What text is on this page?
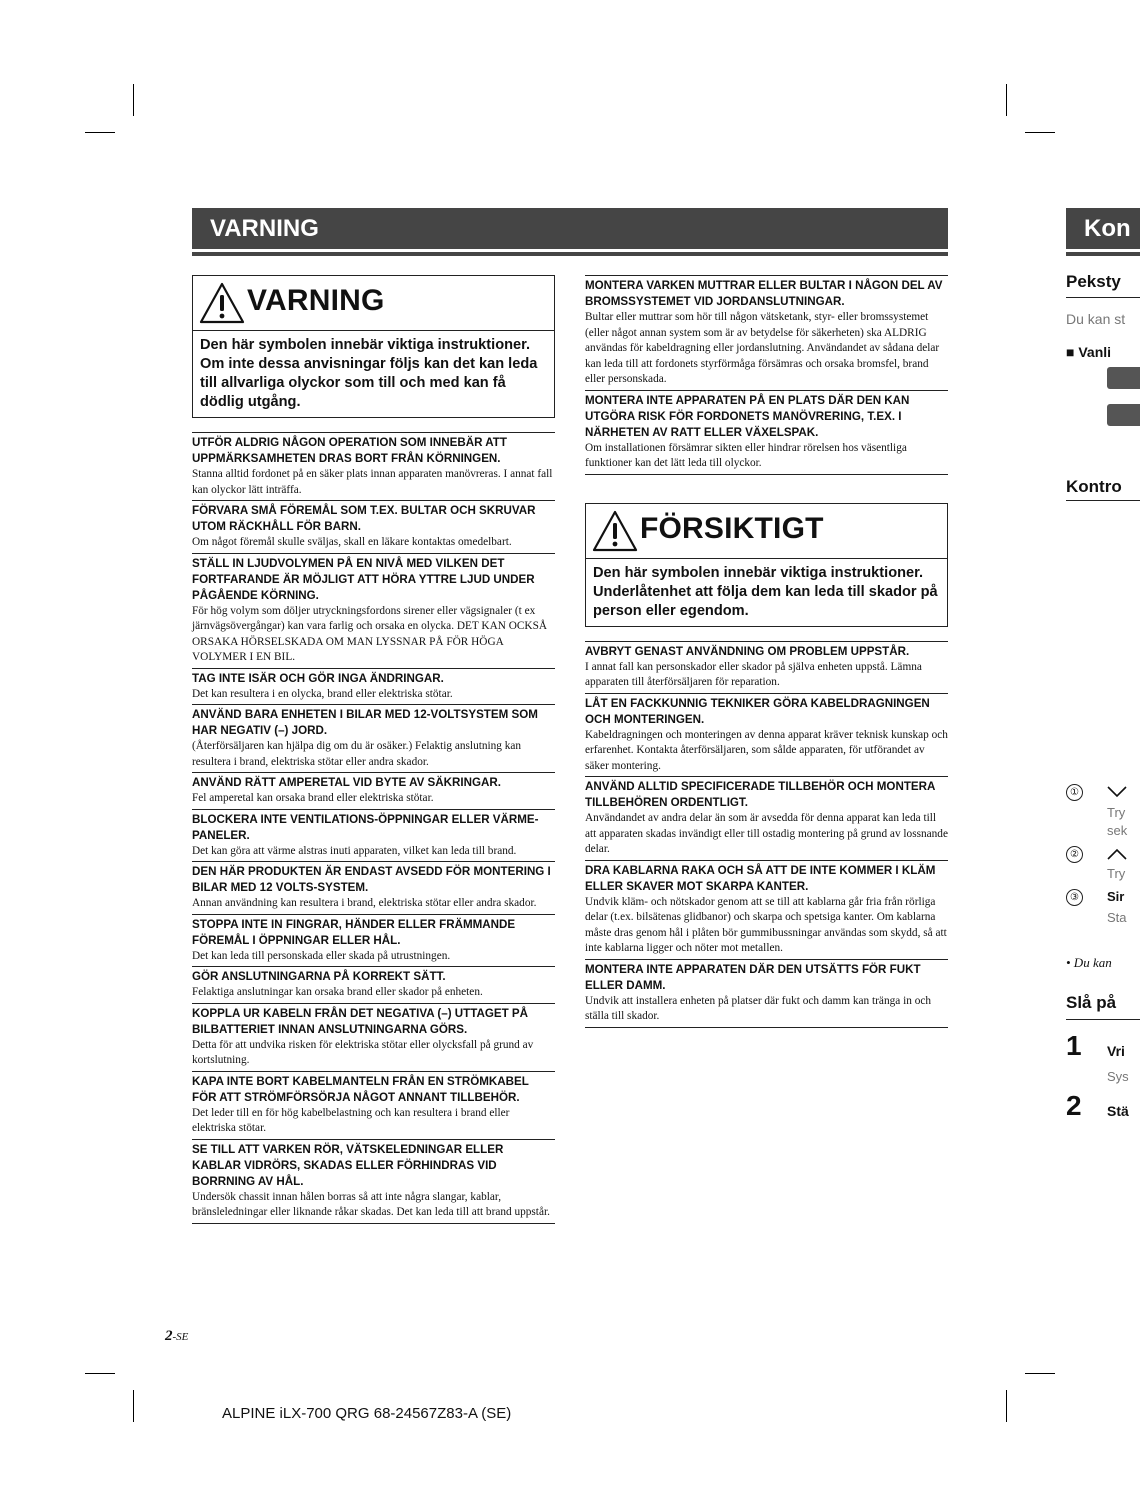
VARNING
VARNING
Den här symbolen innebär viktiga instruktioner. Om inte dessa anvisningar följs kan det kan leda till allvarliga olyckor som till och med kan få dödlig utgång.
UTFÖR ALDRIG NÅGON OPERATION SOM INNEBÄR ATT UPPMÄRKSAMHETEN DRAS BORT FRÅN KÖRNINGEN.
Stanna alltid fordonet på en säker plats innan apparaten manövreras. I annat fall kan olyckor lätt inträffa.
FÖRVARA SMÅ FÖREMÅL SOM T.EX. BULTAR OCH SKRUVAR UTOM RÄCKHÅLL FÖR BARN.
Om något föremål skulle sväljas, skall en läkare kontaktas omedelbart.
STÄLL IN LJUDVOLYMEN PÅ EN NIVÅ MED VILKEN DET FORTFARANDE ÄR MÖJLIGT ATT HÖRA YTTRE LJUD UNDER PÅGÅENDE KÖRNING.
För hög volym som döljer utryckningsfordons sirener eller vägsignaler (t ex järnvägsövergångar) kan vara farlig och orsaka en olycka. DET KAN OCKSÅ ORSAKA HÖRSELSKADA OM MAN LYSSNAR PÅ FÖR HÖGA VOLYMER I EN BIL.
TAG INTE ISÄR OCH GÖR INGA ÄNDRINGAR.
Det kan resultera i en olycka, brand eller elektriska stötar.
ANVÄND BARA ENHETEN I BILAR MED 12-VOLTSYSTEM SOM HAR NEGATIV (–) JORD.
(Återförsäljaren kan hjälpa dig om du är osäker.) Felaktig anslutning kan resultera i brand, elektriska stötar eller andra skador.
ANVÄND RÄTT AMPERETAL VID BYTE AV SÄKRINGAR.
Fel amperetal kan orsaka brand eller elektriska stötar.
BLOCKERA INTE VENTILATIONS-ÖPPNINGAR ELLER VÄRME-PANELER.
Det kan göra att värme alstras inuti apparaten, vilket kan leda till brand.
DEN HÄR PRODUKTEN ÄR ENDAST AVSEDD FÖR MONTERING I BILAR MED 12 VOLTS-SYSTEM.
Annan användning kan resultera i brand, elektriska stötar eller andra skador.
STOPPA INTE IN FINGRAR, HÄNDER ELLER FRÄMMANDE FÖREMÅL I ÖPPNINGAR ELLER HÅL.
Det kan leda till personskada eller skada på utrustningen.
GÖR ANSLUTNINGARNA PÅ KORREKT SÄTT.
Felaktiga anslutningar kan orsaka brand eller skador på enheten.
KOPPLA UR KABELN FRÅN DET NEGATIVA (–) UTTAGET PÅ BILBATTERIET INNAN ANSLUTNINGARNA GÖRS.
Detta för att undvika risken för elektriska stötar eller olycksfall på grund av kortslutning.
KAPA INTE BORT KABELMANTELN FRÅN EN STRÖMKABEL FÖR ATT STRÖMFÖRSÖRJA NÅGOT ANNANT TILLBEHÖR.
Det leder till en för hög kabelbelastning och kan resultera i brand eller elektriska stötar.
SE TILL ATT VARKEN RÖR, VÄTSKELEDNINGAR ELLER KABLAR VIDRÖRS, SKADAS ELLER FÖRHINDRAS VID BORRNING AV HÅL.
Undersök chassit innan hålen borras så att inte några slangar, kablar, bränsleledningar eller liknande råkar skadas. Det kan leda till att brand uppstår.
MONTERA VARKEN MUTTRAR ELLER BULTAR I NÅGON DEL AV BROMSSYSTEMET VID JORDANSLUTNINGAR.
Bultar eller muttrar som hör till någon vätsketank, styr- eller bromssystemet (eller något annan system som är av betydelse för säkerheten) ska ALDRIG användas för kabeldragning eller jordanslutning. Användandet av sådana delar kan leda till att fordonets styrförmåga försämras och orsaka bromsfel, brand eller personskada.
MONTERA INTE APPARATEN PÅ EN PLATS DÄR DEN KAN UTGÖRA RISK FÖR FORDONETS MANÖVRERING, T.EX. I NÄRHETEN AV RATT ELLER VÄXELSPAK.
Om installationen försämrar sikten eller hindrar rörelsen hos väsentliga funktioner kan det lätt leda till olyckor.
FÖRSIKTIGT
Den här symbolen innebär viktiga instruktioner. Underlåtenhet att följa dem kan leda till skador på person eller egendom.
AVBRYT GENAST ANVÄNDNING OM PROBLEM UPPSTÅR.
I annat fall kan personskador eller skador på själva enheten uppstå. Lämna apparaten till återförsäljaren för reparation.
LÅT EN FACKKUNNIG TEKNIKER GÖRA KABELDRAGNINGEN OCH MONTERINGEN.
Kabeldragningen och monteringen av denna apparat kräver teknisk kunskap och erfarenhet. Kontakta återförsäljaren, som sålde apparaten, för utförandet av säker montering.
ANVÄND ALLTID SPECIFICERADE TILLBEHÖR OCH MONTERA TILLBEHÖREN ORDENTLIGT.
Användandet av andra delar än som är avsedda för denna apparat kan leda till att apparaten skadas invändigt eller till ostadig montering på grund av lossnande delar.
DRA KABLARNA RAKA OCH SÅ ATT DE INTE KOMMER I KLÄM ELLER SKAVER MOT SKARPA KANTER.
Undvik kläm- och nötskador genom att se till att kablarna går fria från rörliga delar (t.ex. bilsätenas glidbanor) och skarpa och spetsiga kanter. Om kablarna måste dras genom hål i plåten bör gummibussningar användas som skydd, så att inte kablarna ligger och nöter mot metallen.
MONTERA INTE APPARATEN DÄR DEN UTSÄTTS FÖR FUKT ELLER DAMM.
Undvik att installera enheten på platser där fukt och damm kan tränga in och ställa till skador.
2-SE
ALPINE iLX-700 QRG 68-24567Z83-A (SE)
Kon
Peksty
Du kan st
■ Vanli
Kontro
①
Try
sek
②
Try
③	Sir
Sta
• Du kan
Slå på
1 Vri
Sys
2 Stä
